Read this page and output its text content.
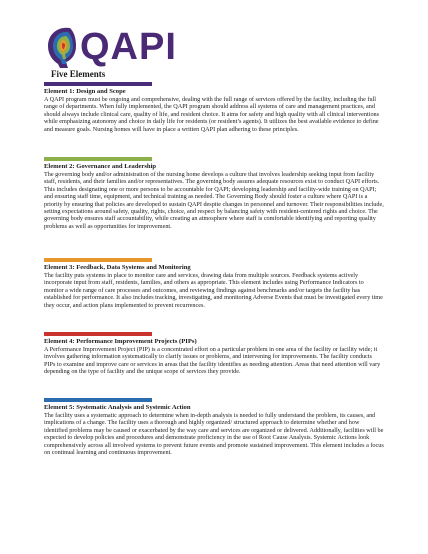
QAPI
Five Elements
Element 1: Design and Scope

A QAPI program must be ongoing and comprehensive, dealing with the full range of services offered by the facility, including the full range of departments. When fully implemented, the QAPI program should address all systems of care and management practices, and should always include clinical care, quality of life, and resident choice. It aims for safety and high quality with all clinical interventions while emphasizing autonomy and choice in daily life for residents (or resident’s agents). It utilizes the best available evidence to define and measure goals. Nursing homes will have in place a written QAPI plan adhering to these principles.

Element 2: Governance and Leadership

The governing body and/or administration of the nursing home develops a culture that involves leadership seeking input from facility staff, residents, and their families and/or representatives. The governing body assures adequate resources exist to conduct QAPI efforts. This includes designating one or more persons to be accountable for QAPI; developing leadership and facility-wide training on QAPI; and ensuring staff time, equipment, and technical training as needed. The Governing Body should foster a culture where QAPI is a priority by ensuring that policies are developed to sustain QAPI despite changes in personnel and turnover. Their responsibilities include, setting expectations around safety, quality, rights, choice, and respect by balancing safety with resident-centered rights and choice. The governing body ensures staff accountability, while creating an atmosphere where staff is comfortable identifying and reporting quality problems as well as opportunities for improvement.

Element 3: Feedback, Data Systems and Monitoring

The facility puts systems in place to monitor care and services, drawing data from multiple sources. Feedback systems actively incorporate input from staff, residents, families, and others as appropriate. This element includes using Performance Indicators to monitor a wide range of care processes and outcomes, and reviewing findings against benchmarks and/or targets the facility has established for performance. It also includes tracking, investigating, and monitoring Adverse Events that must be investigated every time they occur, and action plans implemented to prevent recurrences.

Element 4: Performance Improvement Projects (PIPs)

A Performance Improvement Project (PIP) is a concentrated effort on a particular problem in one area of the facility or facility wide; it involves gathering information systematically to clarify issues or problems, and intervening for improvements. The facility conducts PIPs to examine and improve care or services in areas that the facility identifies as needing attention. Areas that need attention will vary depending on the type of facility and the unique scope of services they provide.

Element 5: Systematic Analysis and Systemic Action

The facility uses a systematic approach to determine when in-depth analysis is needed to fully understand the problem, its causes, and implications of a change. The facility uses a thorough and highly organized/ structured approach to determine whether and how identified problems may be caused or exacerbated by the way care and services are organized or delivered. Additionally, facilities will be expected to develop policies and procedures and demonstrate proficiency in the use of Root Cause Analysis. Systemic Actions look comprehensively across all involved systems to prevent future events and promote sustained improvement. This element includes a focus on continual learning and continuous improvement.
